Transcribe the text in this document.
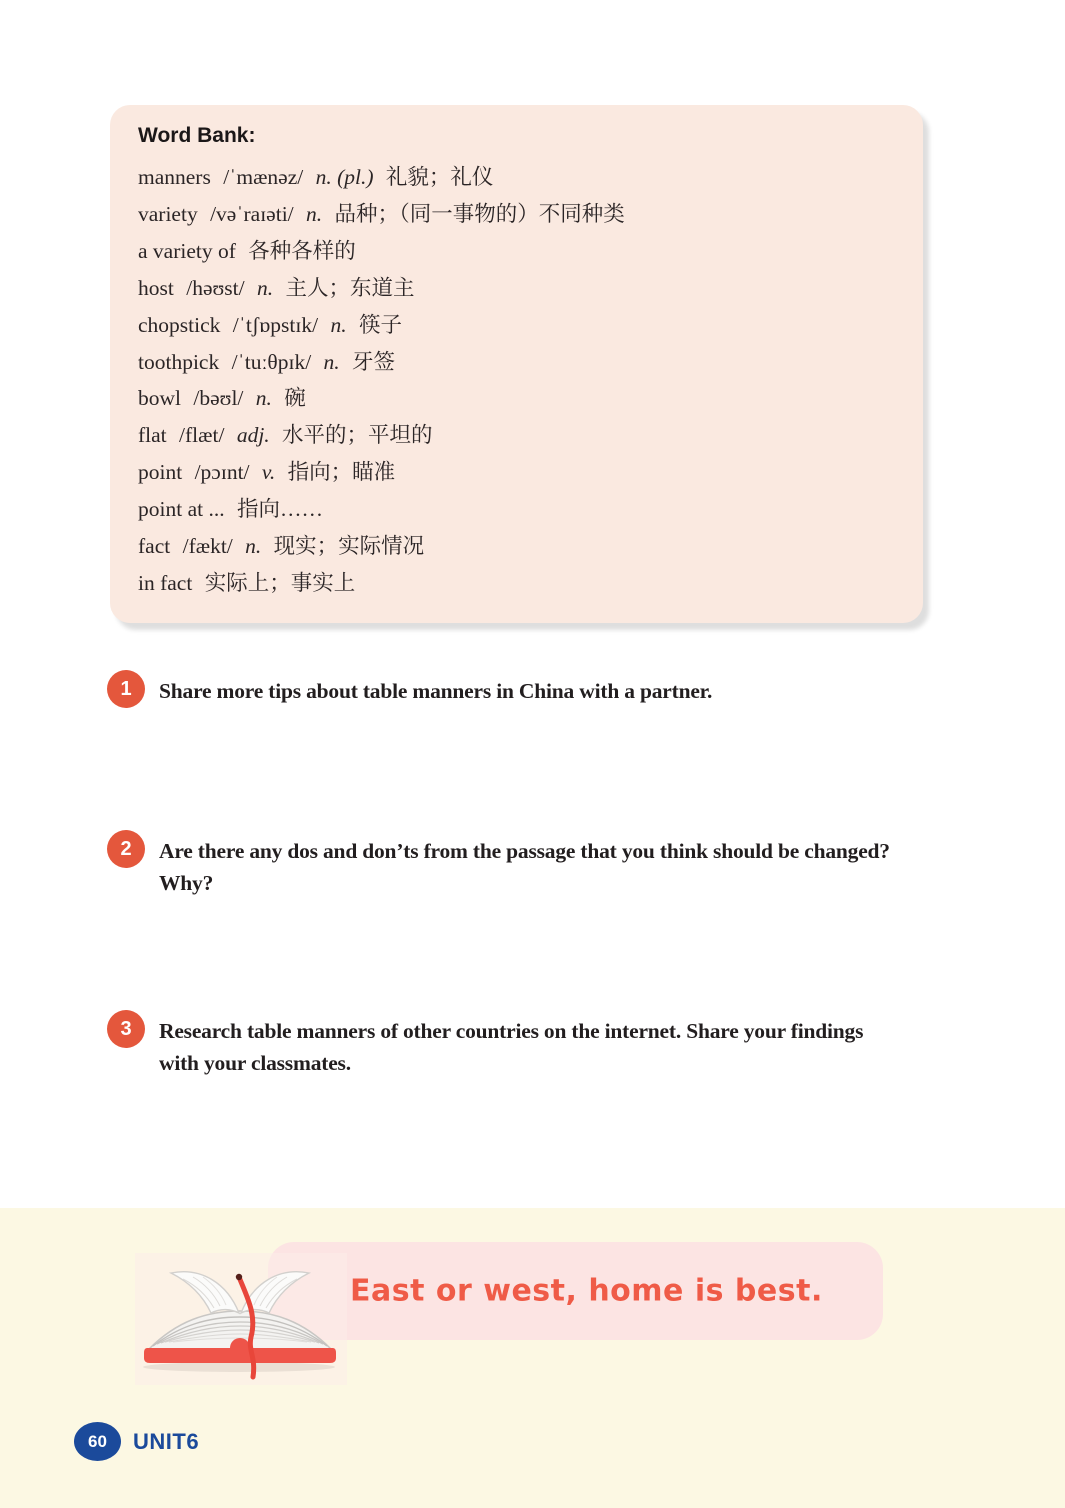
Word Bank:
manners /ˈmænəz/ n. (pl.) 礼貌；礼仪
variety /vəˈraɪəti/ n. 品种；（同一事物的）不同种类
a variety of 各种各样的
host /həʊst/ n. 主人；东道主
chopstick /ˈtʃɒpstɪk/ n. 筷子
toothpick /ˈtuːθpɪk/ n. 牙签
bowl /bəʊl/ n. 碗
flat /flæt/ adj. 水平的；平坦的
point /pɔɪnt/ v. 指向；瞄准
point at ... 指向……
fact /fækt/ n. 现实；实际情况
in fact 实际上；事实上
1	Share more tips about table manners in China with a partner.
2	Are there any dos and don’ts from the passage that you think should be changed? Why?
3	Research table manners of other countries on the internet. Share your findings with your classmates.
East or west, home is best.
60 UNIT6
